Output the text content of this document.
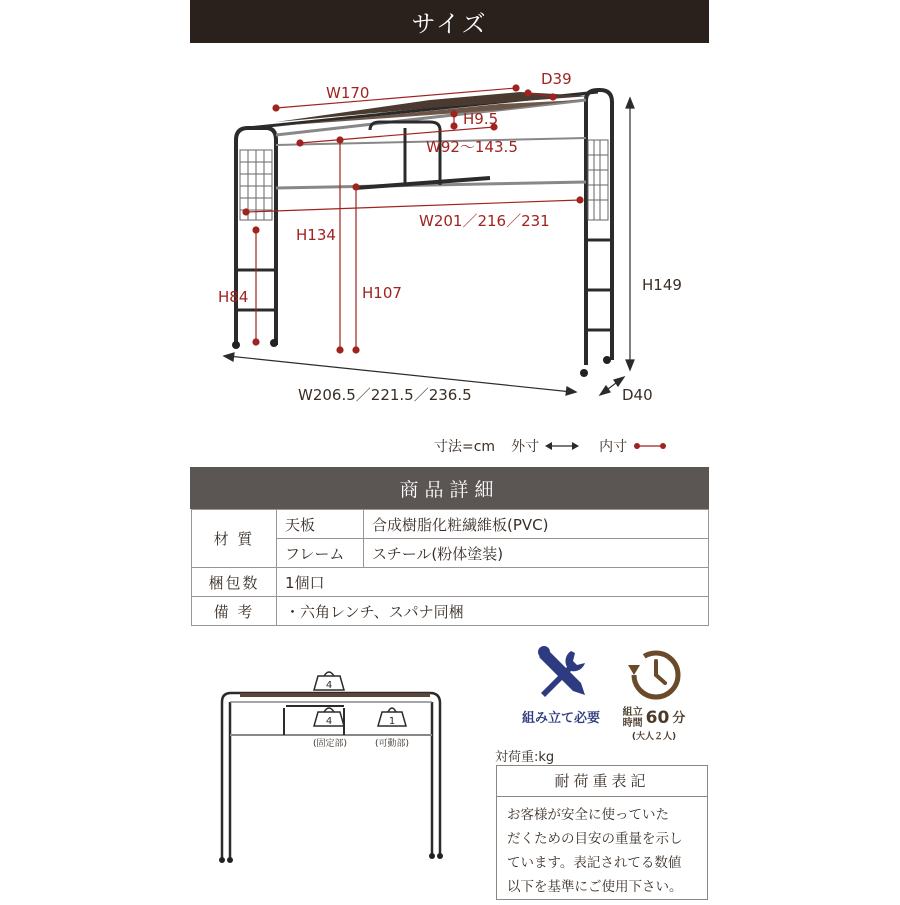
サイズ
W170
D39
H9.5
W92〜143.5
W201／216／231
H134
H84	H107	H149
W206.5／221.5／236.5	D40
寸法=cm 外寸	内寸
商品詳細
材 質	天板	合成樹脂化粧繊維板(PVC)
	フレーム	スチール(粉体塗装)
梱包数	1個口	
備 考	・六角レンチ、スパナ同梱	
4
4	1
(固定部)	(可動部)
組み立て必要	組立
時間 60 分
(大人２人)
対荷重:kg
耐荷重表記
お客様が安全に使っていた
だくための目安の重量を示し
ています。表記されてる数値
以下を基準にご使用下さい。
